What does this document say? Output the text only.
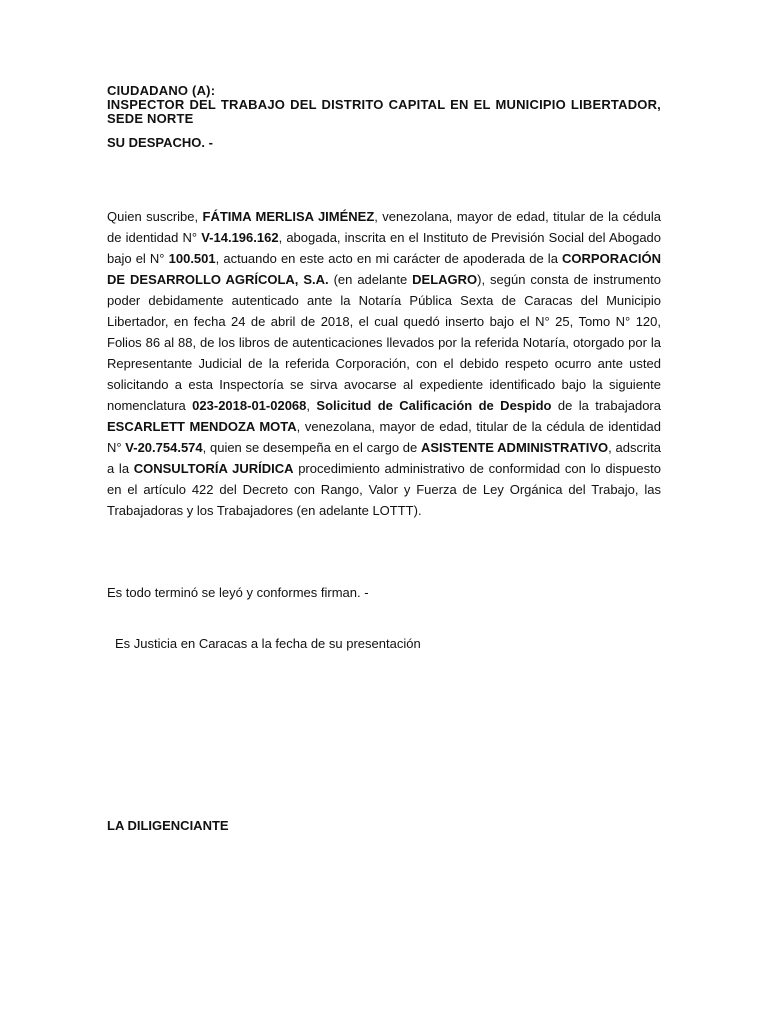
CIUDADANO (A):
INSPECTOR DEL TRABAJO DEL DISTRITO CAPITAL EN EL MUNICIPIO LIBERTADOR, SEDE NORTE
SU DESPACHO. -
Quien suscribe, FÁTIMA MERLISA JIMÉNEZ, venezolana, mayor de edad, titular de la cédula de identidad N° V-14.196.162, abogada, inscrita en el Instituto de Previsión Social del Abogado bajo el N° 100.501, actuando en este acto en mi carácter de apoderada de la CORPORACIÓN DE DESARROLLO AGRÍCOLA, S.A. (en adelante DELAGRO), según consta de instrumento poder debidamente autenticado ante la Notaría Pública Sexta de Caracas del Municipio Libertador, en fecha 24 de abril de 2018, el cual quedó inserto bajo el N° 25, Tomo N° 120, Folios 86 al 88, de los libros de autenticaciones llevados por la referida Notaría, otorgado por la Representante Judicial de la referida Corporación, con el debido respeto ocurro ante usted solicitando a esta Inspectoría se sirva avocarse al expediente identificado bajo la siguiente nomenclatura 023-2018-01-02068, Solicitud de Calificación de Despido de la trabajadora ESCARLETT MENDOZA MOTA, venezolana, mayor de edad, titular de la cédula de identidad N° V-20.754.574, quien se desempeña en el cargo de ASISTENTE ADMINISTRATIVO, adscrita a la CONSULTORÍA JURÍDICA procedimiento administrativo de conformidad con lo dispuesto en el artículo 422 del Decreto con Rango, Valor y Fuerza de Ley Orgánica del Trabajo, las Trabajadoras y los Trabajadores (en adelante LOTTT).
Es todo terminó se leyó y conformes firman. -
Es Justicia en Caracas a la fecha de su presentación
LA DILIGENCIANTE
